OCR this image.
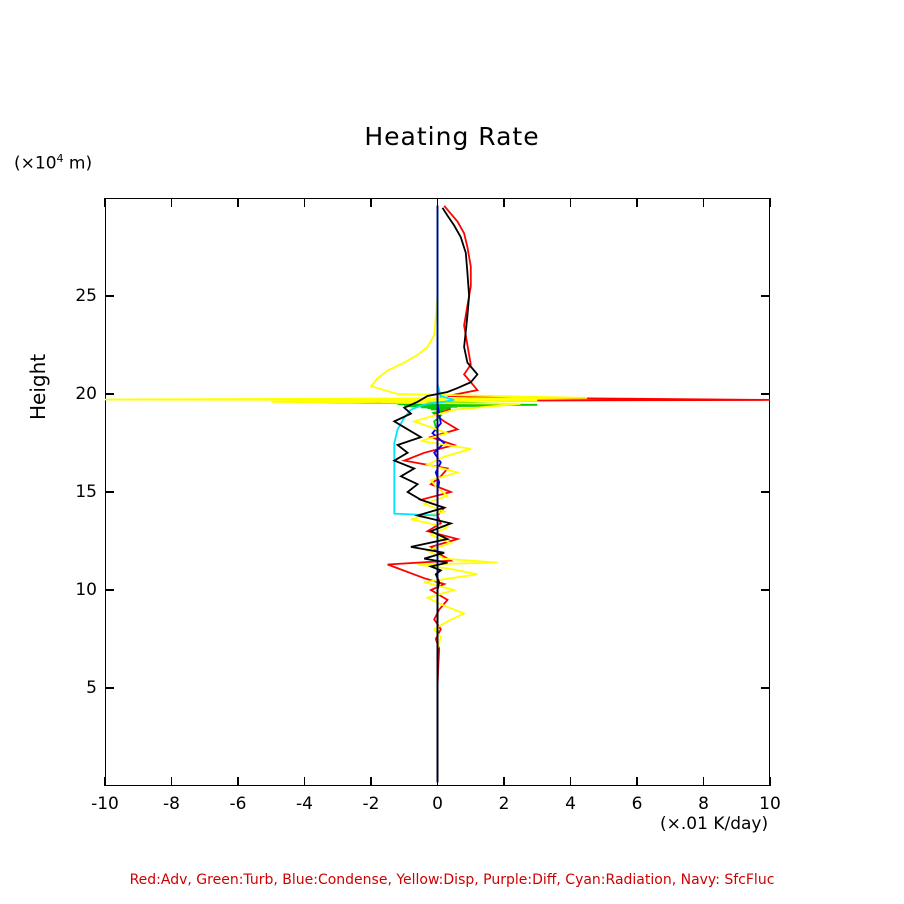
Heating Rate
($\times 10^4$ m)
Height
-10	-8	-6	-4	-2	0	2	4	6	8	10
5
10
15
20
25
(×.01 K/day)
Red:Adv, Green:Turb, Blue:Condense, Yellow:Disp, Purple:Diff, Cyan:Radiation, Navy: SfcFluc
